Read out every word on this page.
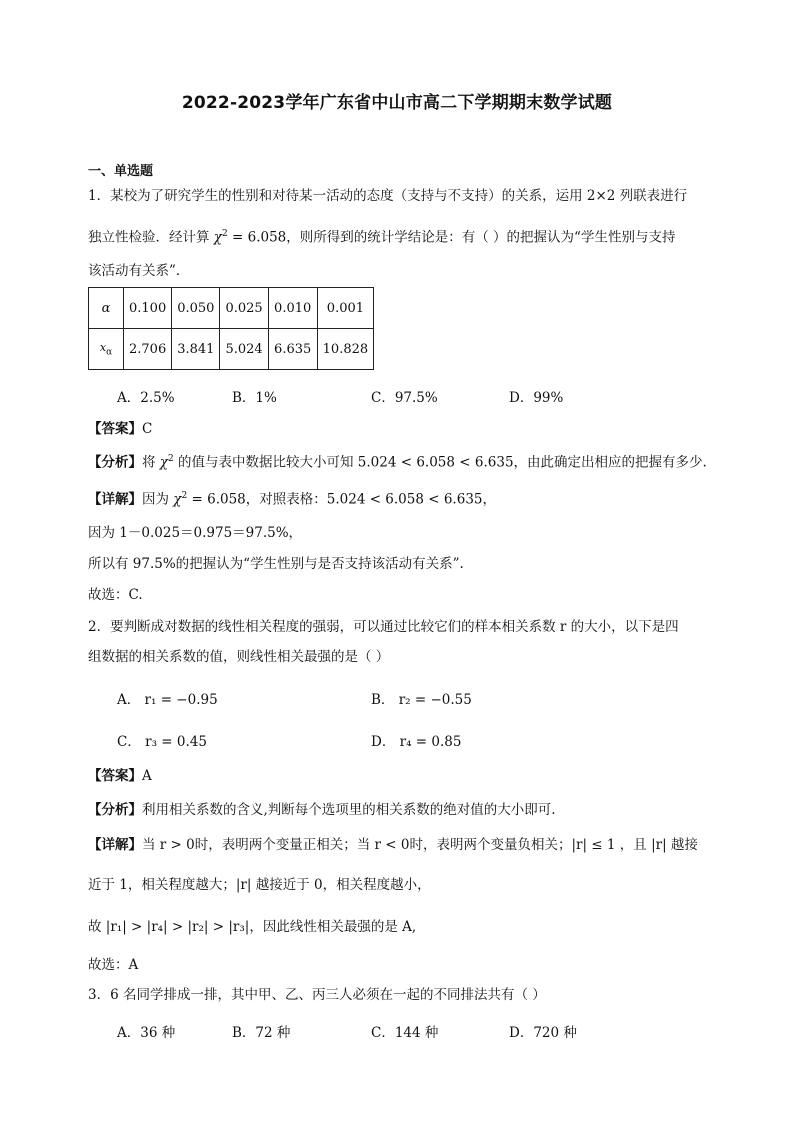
2022-2023学年广东省中山市高二下学期期末数学试题
一、单选题
1．某校为了研究学生的性别和对待某一活动的态度（支持与不支持）的关系，运用 2×2 列联表进行
独立性检验．经计算 $\chi^2 = 6.058$，则所得到的统计学结论是：有（ ）的把握认为“学生性别与支持
该活动有关系”．
α	0.100	0.050	0.025	0.010	0.001
$x_\alpha$	2.706	3.841	5.024	6.635	10.828
A．2.5%	B．1%	C．97.5%	D．99%
【答案】C
【分析】将 $\chi^2$ 的值与表中数据比较大小可知 5.024 < 6.058 < 6.635，由此确定出相应的把握有多少.
【详解】因为 $\chi^2 = 6.058$，对照表格：5.024 < 6.058 < 6.635，
因为 1－0.025＝0.975＝97.5%，
所以有 97.5%的把握认为“学生性别与是否支持该活动有关系”.
故选：C.
2．要判断成对数据的线性相关程度的强弱，可以通过比较它们的样本相关系数 r 的大小，以下是四
组数据的相关系数的值，则线性相关最强的是（ ）
A． r₁ = −0.95	B． r₂ = −0.55
C． r₃ = 0.45	D． r₄ = 0.85
【答案】A
【分析】利用相关系数的含义,判断每个选项里的相关系数的绝对值的大小即可.
【详解】当 r > 0时，表明两个变量正相关；当 r < 0时，表明两个变量负相关；|r| ≤ 1 ，且 |r| 越接
近于 1，相关程度越大；|r| 越接近于 0，相关程度越小，
故 |r₁| > |r₄| > |r₂| > |r₃|，因此线性相关最强的是 A,
故选：A
3．6 名同学排成一排，其中甲、乙、丙三人必须在一起的不同排法共有（ ）
A．36 种	B．72 种	C．144 种	D．720 种
